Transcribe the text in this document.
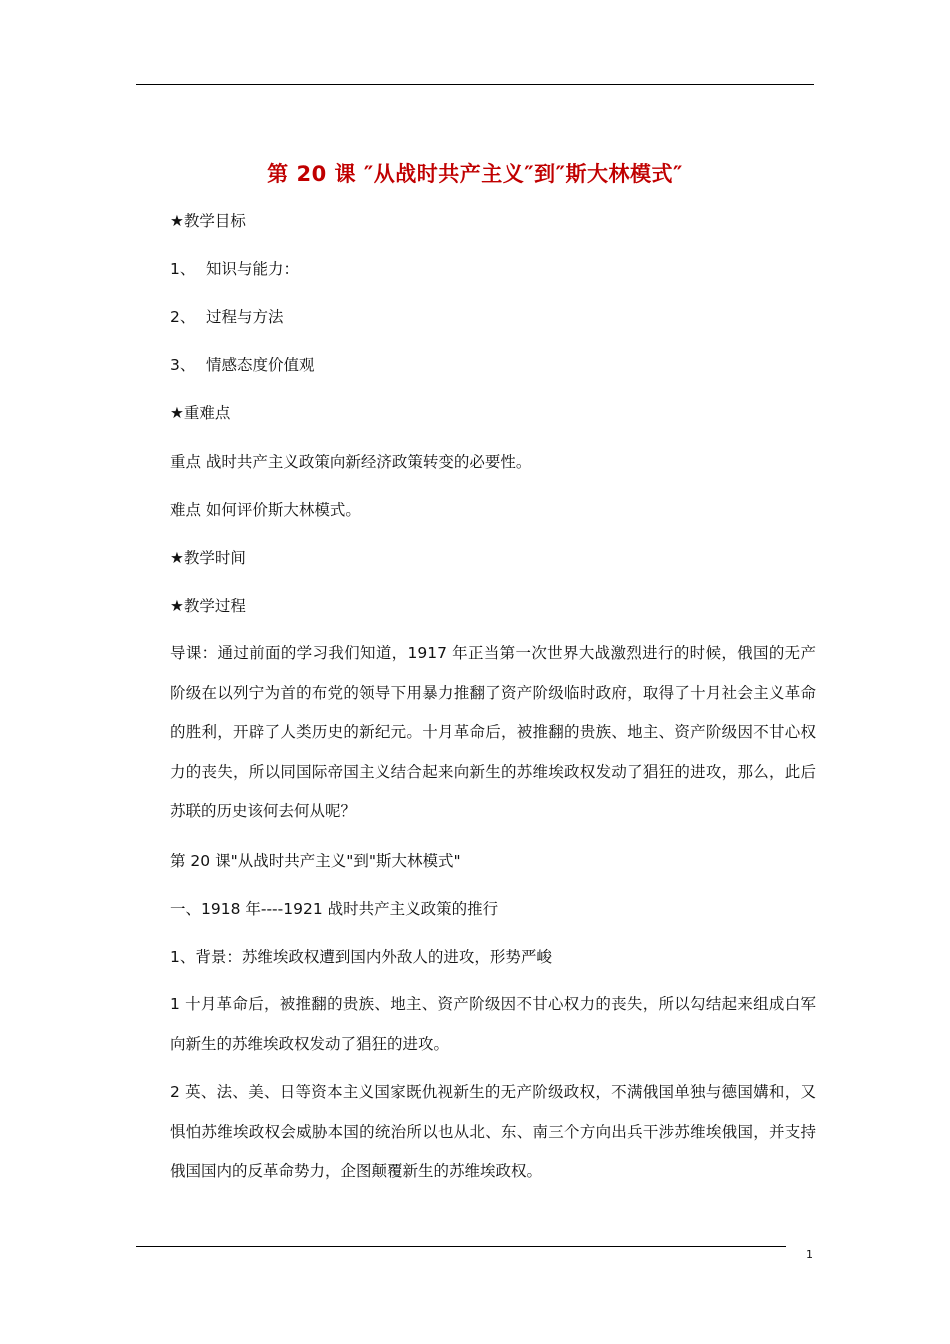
第 20 课 ″从战时共产主义″到″斯大林模式″

★教学目标

1、 知识与能力：

2、 过程与方法

3、 情感态度价值观

★重难点

重点 战时共产主义政策向新经济政策转变的必要性。

难点 如何评价斯大林模式。

★教学时间

★教学过程

导课：通过前面的学习我们知道，1917 年正当第一次世界大战激烈进行的时候，俄国的无产阶级在以列宁为首的布党的领导下用暴力推翻了资产阶级临时政府，取得了十月社会主义革命的胜利，开辟了人类历史的新纪元。十月革命后，被推翻的贵族、地主、资产阶级因不甘心权力的丧失，所以同国际帝国主义结合起来向新生的苏维埃政权发动了猖狂的进攻，那么，此后苏联的历史该何去何从呢？

第 20 课"从战时共产主义"到"斯大林模式"

一、1918 年----1921 战时共产主义政策的推行

1、背景：苏维埃政权遭到国内外敌人的进攻，形势严峻

1 十月革命后，被推翻的贵族、地主、资产阶级因不甘心权力的丧失，所以勾结起来组成白军向新生的苏维埃政权发动了猖狂的进攻。

2 英、法、美、日等资本主义国家既仇视新生的无产阶级政权，不满俄国单独与德国媾和，又惧怕苏维埃政权会威胁本国的统治所以也从北、东、南三个方向出兵干涉苏维埃俄国，并支持俄国国内的反革命势力，企图颠覆新生的苏维埃政权。

1
